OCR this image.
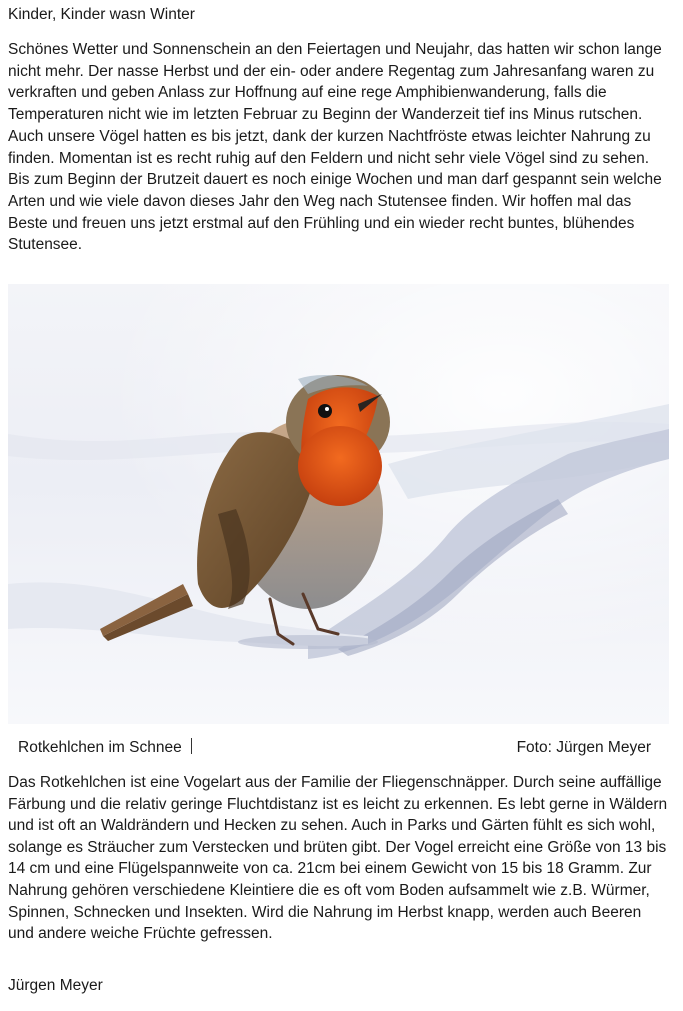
Kinder, Kinder wasn Winter

Schönes Wetter und Sonnenschein an den Feiertagen und Neujahr, das hatten wir schon lange nicht mehr. Der nasse Herbst und der ein- oder andere Regentag zum Jahresanfang waren zu verkraften und geben Anlass zur Hoffnung auf eine rege Amphibienwanderung, falls die Temperaturen nicht wie im letzten Februar zu Beginn der Wanderzeit tief ins Minus rutschen. Auch unsere Vögel hatten es bis jetzt, dank der kurzen Nachtfröste etwas leichter Nahrung zu finden. Momentan ist es recht ruhig auf den Feldern und nicht sehr viele Vögel sind zu sehen. Bis zum Beginn der Brutzeit dauert es noch einige Wochen und man darf gespannt sein welche Arten und wie viele davon dieses Jahr den Weg nach Stutensee finden. Wir hoffen mal das Beste und freuen uns jetzt erstmal auf den Frühling und ein wieder recht buntes, blühendes Stutensee.

Rotkehlchen im Schnee	Foto: Jürgen Meyer

Das Rotkehlchen ist eine Vogelart aus der Familie der Fliegenschnäpper. Durch seine auffällige Färbung und die relativ geringe Fluchtdistanz ist es leicht zu erkennen. Es lebt gerne in Wäldern und ist oft an Waldrändern und Hecken zu sehen. Auch in Parks und Gärten fühlt es sich wohl, solange es Sträucher zum Verstecken und brüten gibt. Der Vogel erreicht eine Größe von 13 bis 14 cm und eine Flügelspannweite von ca. 21cm bei einem Gewicht von 15 bis 18 Gramm. Zur Nahrung gehören verschiedene Kleintiere die es oft vom Boden aufsammelt wie z.B. Würmer, Spinnen, Schnecken und Insekten. Wird die Nahrung im Herbst knapp, werden auch Beeren und andere weiche Früchte gefressen.

Jürgen Meyer
